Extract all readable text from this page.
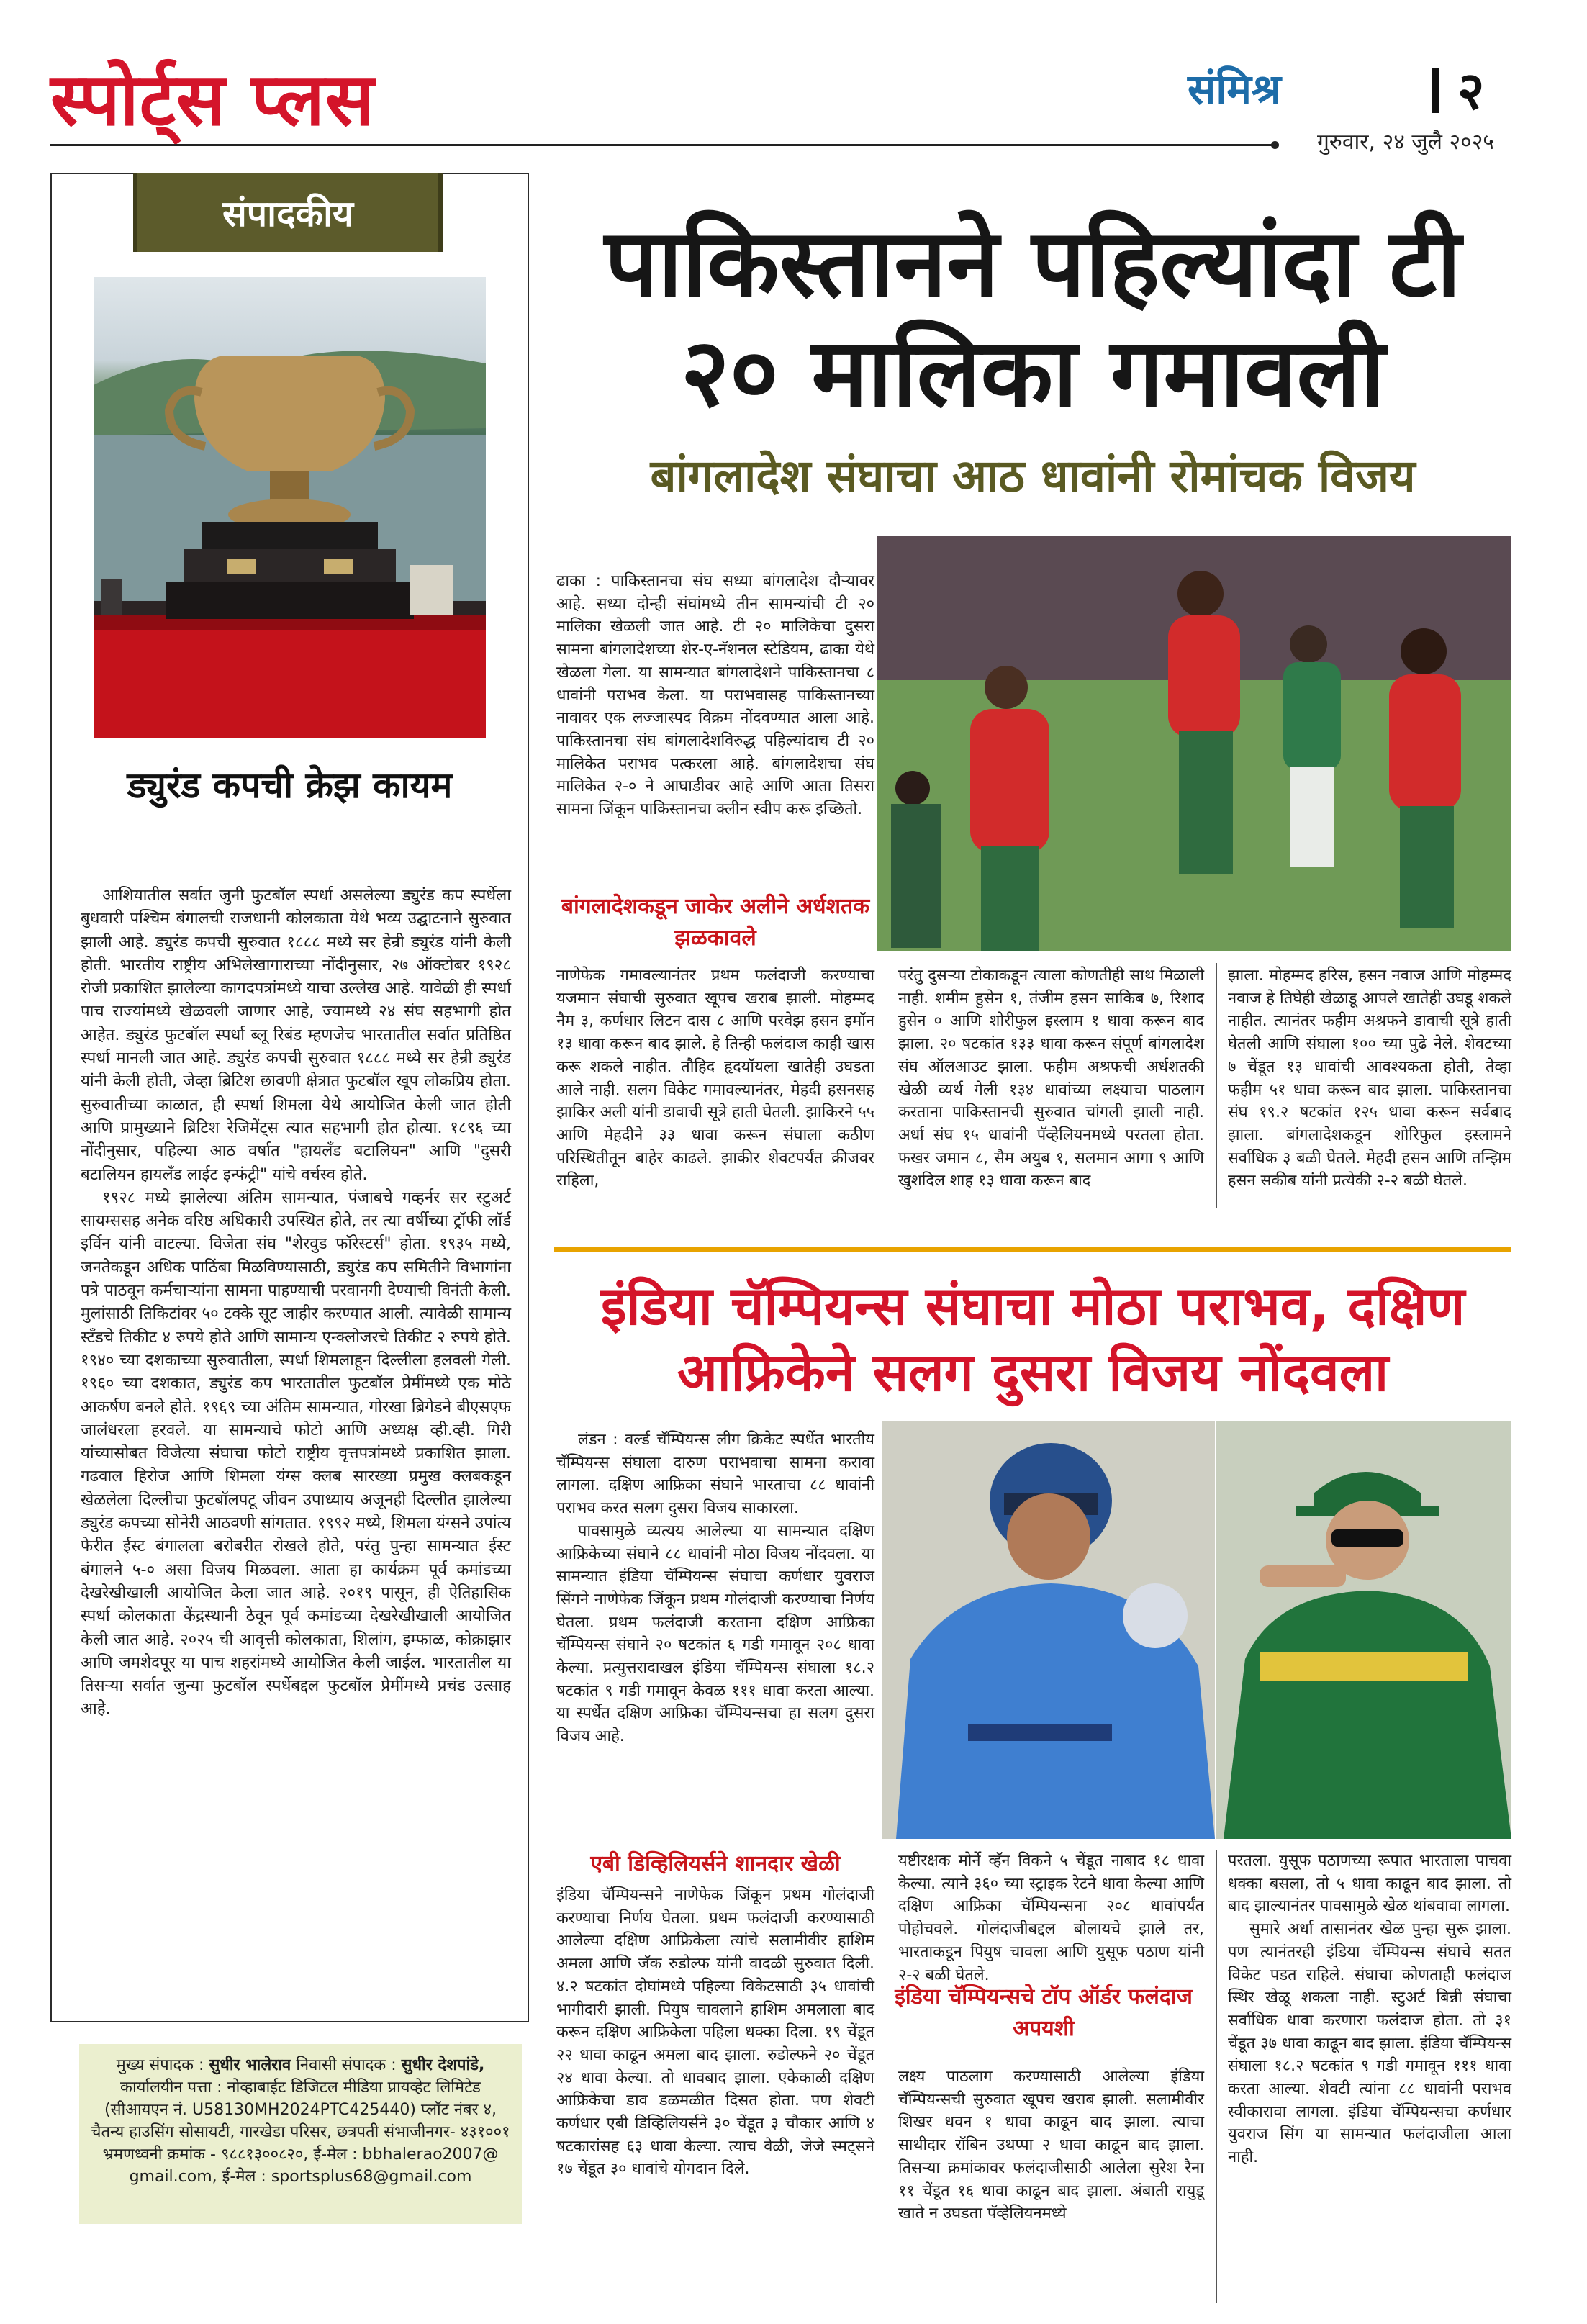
स्पोर्ट्स प्लस	संमिश्र	२
गुरुवार, २४ जुलै २०२५
संपादकीय
ड्युरंड कपची क्रेझ कायम

आशियातील सर्वात जुनी फुटबॉल स्पर्धा असलेल्या ड्युरंड कप स्पर्धेला बुधवारी पश्चिम बंगालची राजधानी कोलकाता येथे भव्य उद्घाटनाने सुरुवात झाली आहे. ड्युरंड कपची सुरुवात १८८८ मध्ये सर हेन्री ड्युरंड यांनी केली होती. भारतीय राष्ट्रीय अभिलेखागाराच्या नोंदीनुसार, २७ ऑक्टोबर १९२८ रोजी प्रकाशित झालेल्या कागदपत्रांमध्ये याचा उल्लेख आहे. यावेळी ही स्पर्धा पाच राज्यांमध्ये खेळवली जाणार आहे, ज्यामध्ये २४ संघ सहभागी होत आहेत. ड्युरंड फुटबॉल स्पर्धा ब्लू रिबंड म्हणजेच भारतातील सर्वात प्रतिष्ठित स्पर्धा मानली जात आहे. ड्युरंड कपची सुरुवात १८८८ मध्ये सर हेन्री ड्युरंड यांनी केली होती, जेव्हा ब्रिटिश छावणी क्षेत्रात फुटबॉल खूप लोकप्रिय होता. सुरुवातीच्या काळात, ही स्पर्धा शिमला येथे आयोजित केली जात होती आणि प्रामुख्याने ब्रिटिश रेजिमेंट्स त्यात सहभागी होत होत्या. १८९६ च्या नोंदीनुसार, पहिल्या आठ वर्षात "हायलँड बटालियन" आणि "दुसरी बटालियन हायलँड लाईट इन्फंट्री" यांचे वर्चस्व होते.

१९२८ मध्ये झालेल्या अंतिम सामन्यात, पंजाबचे गव्हर्नर सर स्टुअर्ट सायम्ससह अनेक वरिष्ठ अधिकारी उपस्थित होते, तर त्या वर्षीच्या ट्रॉफी लॉर्ड इर्विन यांनी वाटल्या. विजेता संघ "शेरवुड फॉरेस्टर्स" होता. १९३५ मध्ये, जनतेकडून अधिक पाठिंबा मिळविण्यासाठी, ड्युरंड कप समितीने विभागांना पत्रे पाठवून कर्मचाऱ्यांना सामना पाहण्याची परवानगी देण्याची विनंती केली. मुलांसाठी तिकिटांवर ५० टक्के सूट जाहीर करण्यात आली. त्यावेळी सामान्य स्टँडचे तिकीट ४ रुपये होते आणि सामान्य एन्क्लोजरचे तिकीट २ रुपये होते. १९४० च्या दशकाच्या सुरुवातीला, स्पर्धा शिमलाहून दिल्लीला हलवली गेली. १९६० च्या दशकात, ड्युरंड कप भारतातील फुटबॉल प्रेमींमध्ये एक मोठे आकर्षण बनले होते. १९६९ च्या अंतिम सामन्यात, गोरखा ब्रिगेडने बीएसएफ जालंधरला हरवले. या सामन्याचे फोटो आणि अध्यक्ष व्ही.व्ही. गिरी यांच्यासोबत विजेत्या संघाचा फोटो राष्ट्रीय वृत्तपत्रांमध्ये प्रकाशित झाला. गढवाल हिरोज आणि शिमला यंग्स क्लब सारख्या प्रमुख क्लबकडून खेळलेला दिल्लीचा फुटबॉलपटू जीवन उपाध्याय अजूनही दिल्लीत झालेल्या ड्युरंड कपच्या सोनेरी आठवणी सांगतात. १९९२ मध्ये, शिमला यंग्सने उपांत्य फेरीत ईस्ट बंगालला बरोबरीत रोखले होते, परंतु पुन्हा सामन्यात ईस्ट बंगालने ५-० असा विजय मिळवला. आता हा कार्यक्रम पूर्व कमांडच्या देखरेखीखाली आयोजित केला जात आहे. २०१९ पासून, ही ऐतिहासिक स्पर्धा कोलकाता केंद्रस्थानी ठेवून पूर्व कमांडच्या देखरेखीखाली आयोजित केली जात आहे. २०२५ ची आवृत्ती कोलकाता, शिलांग, इम्फाळ, कोक्राझार आणि जमशेदपूर या पाच शहरांमध्ये आयोजित केली जाईल. भारतातील या तिसऱ्या सर्वात जुन्या फुटबॉल स्पर्धेबद्दल फुटबॉल प्रेमींमध्ये प्रचंड उत्साह आहे.

मुख्य संपादक : सुधीर भालेराव निवासी संपादक : सुधीर देशपांडे, कार्यालयीन पत्ता : नोव्हाबाईट डिजिटल मीडिया प्रायव्हेट लिमिटेड (सीआयएन नं. U58130MH2024PTC425440) प्लॉट नंबर ४, चैतन्य हाउसिंग सोसायटी, गारखेडा परिसर, छत्रपती संभाजीनगर- ४३१००१ भ्रमणध्वनी क्रमांक - ९८८१३००८२०, ई-मेल : bbhalerao2007@ gmail.com, ई-मेल : sportsplus68@gmail.com
पाकिस्तानने पहिल्यांदा टी २० मालिका गमावली
बांगलादेश संघाचा आठ धावांनी रोमांचक विजय
ढाका : पाकिस्तानचा संघ सध्या बांगलादेश दौऱ्यावर आहे. सध्या दोन्ही संघांमध्ये तीन सामन्यांची टी २० मालिका खेळली जात आहे. टी २० मालिकेचा दुसरा सामना बांगलादेशच्या शेर-ए-नॅशनल स्टेडियम, ढाका येथे खेळला गेला. या सामन्यात बांगलादेशने पाकिस्तानचा ८ धावांनी पराभव केला. या पराभवासह पाकिस्तानच्या नावावर एक लज्जास्पद विक्रम नोंदवण्यात आला आहे. पाकिस्तानचा संघ बांगलादेशविरुद्ध पहिल्यांदाच टी २० मालिकेत पराभव पत्करला आहे. बांगलादेशचा संघ मालिकेत २-० ने आघाडीवर आहे आणि आता तिसरा सामना जिंकून पाकिस्तानचा क्लीन स्वीप करू इच्छितो.
बांगलादेशकडून जाकेर अलीने अर्धशतक झळकावले
नाणेफेक गमावल्यानंतर प्रथम फलंदाजी करण्याचा यजमान संघाची सुरुवात खूपच खराब झाली. मोहम्मद नैम ३, कर्णधार लिटन दास ८ आणि परवेझ हसन इमॉन १३ धावा करून बाद झाले. हे तिन्ही फलंदाज काही खास करू शकले नाहीत. तौहिद हृदयॉयला खातेही उघडता आले नाही. सलग विकेट गमावल्यानंतर, मेहदी हसनसह झाकिर अली यांनी डावाची सूत्रे हाती घेतली. झाकिरने ५५ आणि मेहदीने ३३ धावा करून संघाला कठीण परिस्थितीतून बाहेर काढले. झाकीर शेवटपर्यंत क्रीजवर राहिला,
परंतु दुसऱ्या टोकाकडून त्याला कोणतीही साथ मिळाली नाही. शमीम हुसेन १, तंजीम हसन साकिब ७, रिशाद हुसेन ० आणि शोरीफुल इस्लाम १ धावा करून बाद झाला. २० षटकांत १३३ धावा करून संपूर्ण बांगलादेश संघ ऑलआउट झाला. फहीम अश्रफची अर्धशतकी खेळी व्यर्थ गेली १३४ धावांच्या लक्ष्याचा पाठलाग करताना पाकिस्तानची सुरुवात चांगली झाली नाही. अर्धा संघ १५ धावांनी पॅव्हेलियनमध्ये परतला होता. फखर जमान ८, सैम अयुब १, सलमान आगा ९ आणि खुशदिल शाह १३ धावा करून बाद
झाला. मोहम्मद हरिस, हसन नवाज आणि मोहम्मद नवाज हे तिघेही खेळाडू आपले खातेही उघडू शकले नाहीत. त्यानंतर फहीम अश्रफने डावाची सूत्रे हाती घेतली आणि संघाला १०० च्या पुढे नेले. शेवटच्या ७ चेंडूत १३ धावांची आवश्यकता होती, तेव्हा फहीम ५१ धावा करून बाद झाला. पाकिस्तानचा संघ १९.२ षटकांत १२५ धावा करून सर्वबाद झाला. बांगलादेशकडून शोरिफुल इस्लामने सर्वाधिक ३ बळी घेतले. मेहदी हसन आणि तन्झिम हसन सकीब यांनी प्रत्येकी २-२ बळी घेतले.
इंडिया चॅम्पियन्स संघाचा मोठा पराभव, दक्षिण आफ्रिकेने सलग दुसरा विजय नोंदवला

लंडन : वर्ल्ड चॅम्पियन्स लीग क्रिकेट स्पर्धेत भारतीय चॅम्पियन्स संघाला दारुण पराभवाचा सामना करावा लागला. दक्षिण आफ्रिका संघाने भारताचा ८८ धावांनी पराभव करत सलग दुसरा विजय साकारला.

पावसामुळे व्यत्यय आलेल्या या सामन्यात दक्षिण आफ्रिकेच्या संघाने ८८ धावांनी मोठा विजय नोंदवला. या सामन्यात इंडिया चॅम्पियन्स संघाचा कर्णधार युवराज सिंगने नाणेफेक जिंकून प्रथम गोलंदाजी करण्याचा निर्णय घेतला. प्रथम फलंदाजी करताना दक्षिण आफ्रिका चॅम्पियन्स संघाने २० षटकांत ६ गडी गमावून २०८ धावा केल्या. प्रत्युत्तरादाखल इंडिया चॅम्पियन्स संघाला १८.२ षटकांत ९ गडी गमावून केवळ १११ धावा करता आल्या. या स्पर्धेत दक्षिण आफ्रिका चॅम्पियन्सचा हा सलग दुसरा विजय आहे.

एबी डिव्हिलियर्सने शानदार खेळी
इंडिया चॅम्पियन्सने नाणेफेक जिंकून प्रथम गोलंदाजी करण्याचा निर्णय घेतला. प्रथम फलंदाजी करण्यासाठी आलेल्या दक्षिण आफ्रिकेला त्यांचे सलामीवीर हाशिम अमला आणि जॅक रुडोल्फ यांनी वादळी सुरुवात दिली. ४.२ षटकांत दोघांमध्ये पहिल्या विकेटसाठी ३५ धावांची भागीदारी झाली. पियुष चावलाने हाशिम अमलाला बाद करून दक्षिण आफ्रिकेला पहिला धक्का दिला. १९ चेंडूत २२ धावा काढून अमला बाद झाला. रुडोल्फने २० चेंडूत २४ धावा केल्या. तो धावबाद झाला. एकेकाळी दक्षिण आफ्रिकेचा डाव डळमळीत दिसत होता. पण शेवटी कर्णधार एबी डिव्हिलियर्सने ३० चेंडूत ३ चौकार आणि ४ षटकारांसह ६३ धावा केल्या. त्याच वेळी, जेजे स्मट्सने १७ चेंडूत ३० धावांचे योगदान दिले.
यष्टीरक्षक मोर्ने व्हॅन विकने ५ चेंडूत नाबाद १८ धावा केल्या. त्याने ३६० च्या स्ट्राइक रेटने धावा केल्या आणि दक्षिण आफ्रिका चॅम्पियन्सना २०८ धावांपर्यंत पोहोचवले. गोलंदाजीबद्दल बोलायचे झाले तर, भारताकडून पियुष चावला आणि युसूफ पठाण यांनी २-२ बळी घेतले.
इंडिया चॅम्पियन्सचे टॉप ऑर्डर फलंदाज अपयशी
लक्ष्य पाठलाग करण्यासाठी आलेल्या इंडिया चॅम्पियन्सची सुरुवात खूपच खराब झाली. सलामीवीर शिखर धवन १ धावा काढून बाद झाला. त्याचा साथीदार रॉबिन उथप्पा २ धावा काढून बाद झाला. तिसऱ्या क्रमांकावर फलंदाजीसाठी आलेला सुरेश रैना ११ चेंडूत १६ धावा काढून बाद झाला. अंबाती रायुडू खाते न उघडता पॅव्हेलियनमध्ये

परतला. युसूफ पठाणच्या रूपात भारताला पाचवा धक्का बसला, तो ५ धावा काढून बाद झाला. तो बाद झाल्यानंतर पावसामुळे खेळ थांबवावा लागला.

सुमारे अर्धा तासानंतर खेळ पुन्हा सुरू झाला. पण त्यानंतरही इंडिया चॅम्पियन्स संघाचे सतत विकेट पडत राहिले. संघाचा कोणताही फलंदाज स्थिर खेळू शकला नाही. स्टुअर्ट बिन्नी संघाचा सर्वाधिक धावा करणारा फलंदाज होता. तो ३१ चेंडूत ३७ धावा काढून बाद झाला. इंडिया चॅम्पियन्स संघाला १८.२ षटकांत ९ गडी गमावून १११ धावा करता आल्या. शेवटी त्यांना ८८ धावांनी पराभव स्वीकारावा लागला. इंडिया चॅम्पियन्सचा कर्णधार युवराज सिंग या सामन्यात फलंदाजीला आला नाही.
